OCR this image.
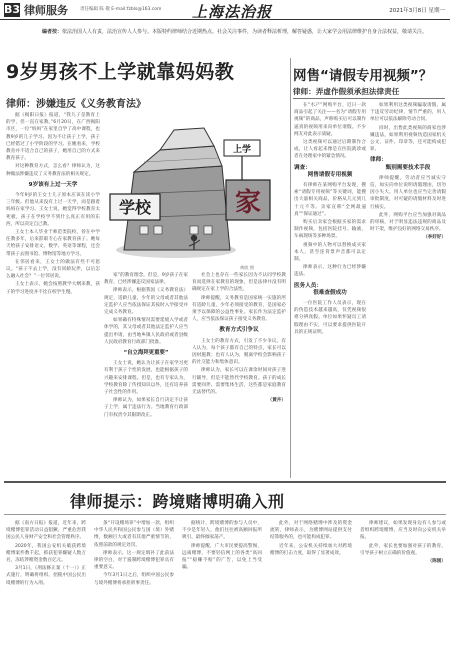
B3 律师服务	责任编辑 陈 敬 E-mail:fzbls@163.com 上海法治报	2021年3月8日 星期一
编者按：依法治国人人有责，法治宣传人人参与。本版特约律师结合近期热点、社会关注事件，为读者释法析理，解答疑惑，让大家学会用法律维护自身合法权益，敬请关注。
9岁男孩不上学就靠妈妈教
律师：涉嫌违反《义务教育法》

据《揭阳日报》报道，“我儿子是教育上的学，但一直在家教。”6月20日，在广西揭阳市区，一位“妈妈”在家里自学了高中课程，也教9岁的儿子学习。因为不让孩子上学，孩子已经错过了小学阶段的学习。在她看来，学校教育并不适合自己的孩子，她用自己的方式来教育孩子。

对这种教育方式，怎么看？律师认为，这种做法涉嫌违反了义务教育法的相关规定。

9岁该有上过一天学

今年9岁的王女士儿子原本应该在读小学三年级。但他从来没有上过一天学，而是跟着妈妈在家学习。王女士说，她觉得学校教育太死板，孩子在学校学不到什么真正有用的东西，所以决定自己教。

王女士本人毕业于师范类院校，曾在中学任教多年，后来辞职专心在家教育孩子。她每天给孩子安排语文、数学、英语等课程，还会带孩子去图书馆、博物馆等地方学习。

在邻居看来，王女士的做法有些不可思议。“孩子不去上学，没有同龄玩伴，以后怎么融入社会？”一位邻居说。

王女士表示，她会按照教学大纲来教，孩子的学习进度并不比在校学生慢。

学校
上学
家
黄欣 图

家”的教育理念。但是，9岁孩子在家教育，已经涉嫌违反国家法律。

律师表示，根据我国《义务教育法》规定，适龄儿童、少年的父母或者其他法定监护人应当依法保证其按时入学接受并完成义务教育。

如果确有特殊情况需要延缓入学或者休学的，其父母或者其他法定监护人应当提出申请，由当地乡镇人民政府或者县级人民政府教育行政部门批准。

“自立海拜更重要”

王女士说，她认为让孩子在家学习更有利于孩子个性的发展，也能根据孩子的兴趣来安排课程。但是，也有专家认为，学校教育除了传授知识以外，还有培养孩子社会性的作用。

律师认为，如果家长自行决定不让孩子上学，属于违法行为。当地教育行政部门有权责令其限期改正。

社会上也存在一些家长因为不认同学校教育而选择在家教育的现象，但是法律并没有明确规定在家上学的合法性。

律师提醒，义务教育是国家统一实施的所有适龄儿童、少年必须接受的教育，是国家必须予以保障的公益性事业。家长作为法定监护人，应当依法保证孩子接受义务教育。

教育方式引争议

王女士的教育方式，引发了不少争议。有人认为，每个孩子都有自己的特点，家长可以因材施教；也有人认为，脱离学校会影响孩子的社交能力和集体意识。

律师认为，家长可以在课余时间对孩子进行辅导，但是不能替代学校教育。孩子的成长需要同伴、需要集体生活，这些都是家庭教育无法替代的。

（黄卉）

网售“请假专用视频”？
律师：弄虚作假须承担法律责任

在“水产”网购平台，近日一款商品引起了关注——名为“请假专用视频”的商品，声称购买后可以制作逼真的视频用来向单位请假。不少网友对此表示质疑。

这类视频可以通过后期制作合成，让人看起来像是在医院就诊或者在处理家中的紧急情况。

调查：

网售请假专用视频

有律师在某网购平台发现，搜索“请假专用视频”等关键词，能搜出大量相关商品，价格从几元到几十元不等。卖家宣称“全网最逼真”“保证通过”。

购买后卖家会根据买家的需求制作视频，包括医院挂号、输液、车祸现场等多种场景。

视频中的人物可以替换成买家本人，甚至连背景声音都可以定制。

律师表示，这种行为已经涉嫌违法。

医务人员：

很难查假成功

一位医院工作人员表示，现在的伪造技术越来越高，仅凭视频很难分辨真假。单位如果怀疑员工请假理由不实，可以要求提供医院开具的正规证明。

如果利用这类视频骗取请假，属于违反劳动纪律，情节严重的，用人单位可以依法解除劳动合同。

同时，出售此类视频的商家也涉嫌违法，如果利用视频伪造国家机关公文、证件、印章等，还可能构成犯罪。

律师：

甄别需要技术手段

律师提醒，劳动者应当诚实守信，如实向单位说明请假理由，切勿因小失大。用人单位也应当完善请假审批制度，对可疑的请假材料及时进行核实。

此外，网购平台应当加强对商品的审核，对于明显违法违规的商品及时下架，维护良好的网络交易秩序。

（李好好）

律师提示：跨境赌博明确入刑

据《南方日报》报道，近年来，跨境赌博犯罪活动日益猖獗，严重危害我国公民人身财产安全和社会管理秩序。

2020年，我国公安机关破获跨境赌博案件数千起，抓获犯罪嫌疑人数万名，冻结涉赌资金数百亿元。

3月1日，《刑法修正案（十一）》正式施行，明确将组织、招揽中国公民出境赌博的行为入刑。

条“开设赌场罪”中增加一款，组织中华人民共和国公民参与国（境）外赌博，数额巨大或者有其他严重情节的，依照前款的规定处罚。

律师表示，这一规定填补了此前法律的空白，对于遏制跨境赌博犯罪具有重要意义。

今年3月1日之后，组织中国公民参与境外赌博将承担刑事责任。

据统计，跨境赌博的参与人员中，不少是年轻人，他们往往被高额回报所吸引，最终倾家荡产。

律师提醒，广大市民要提高警惕，远离赌博，不要轻信网上的各类“高回报”“稳赚不赔”的广告，以免上当受骗。

此外，对于网络赌博中涉及的资金流转，律师表示，为赌博网站提供支付结算服务的，也可能构成犯罪。

近年来，公安机关持续加大对跨境赌博的打击力度，取得了显著成效。

律师建议，如果发现身边有人参与或者组织跨境赌博，应当及时向公安机关举报。

此外，家长也要加强对孩子的教育，引导孩子树立正确的价值观。

（陈刚）
